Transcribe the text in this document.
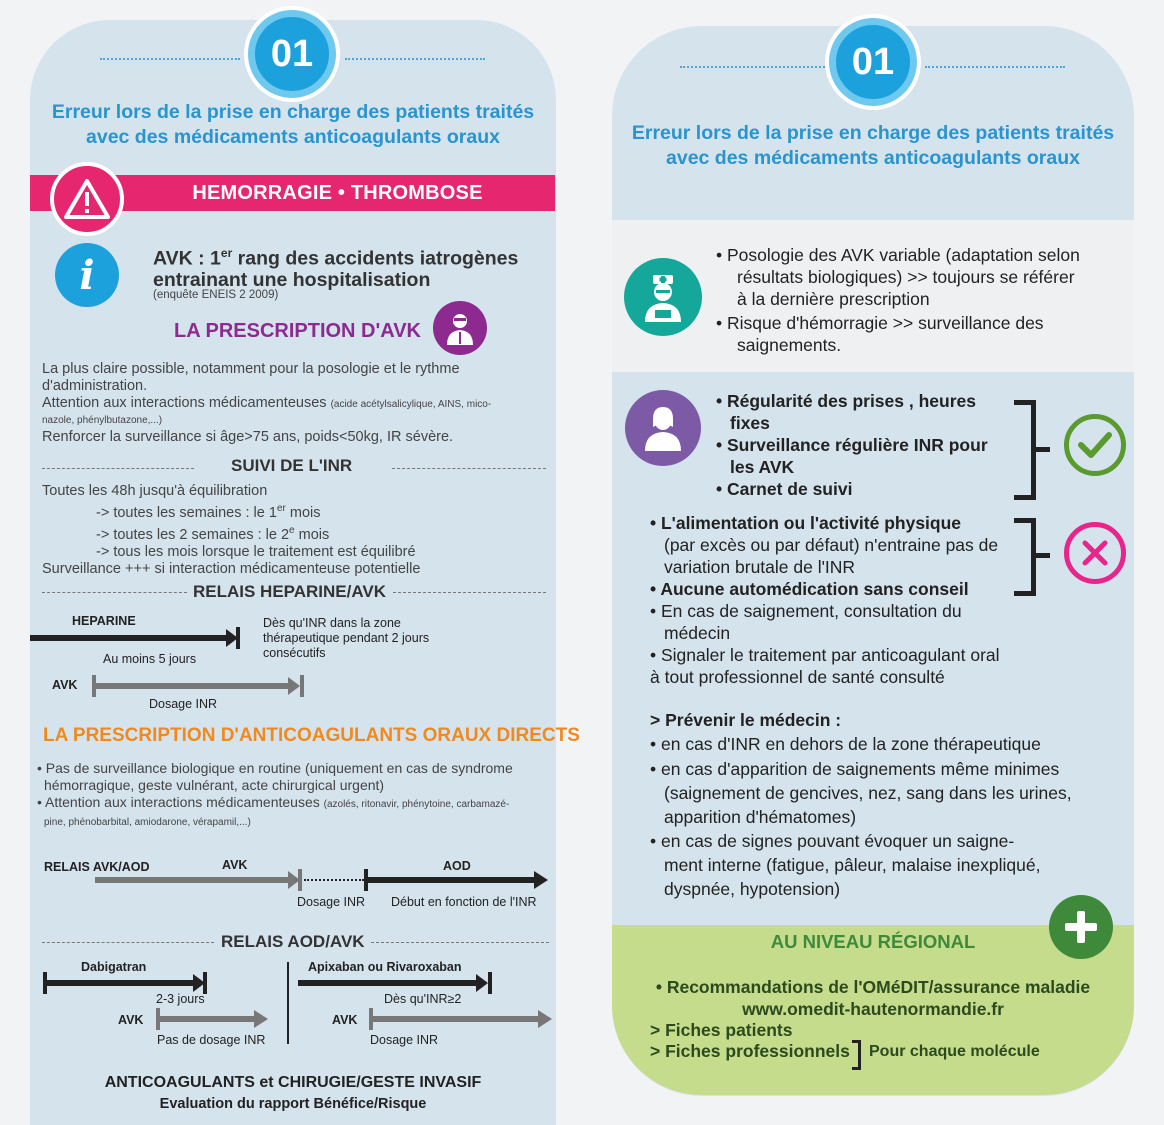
01
Erreur lors de la prise en charge des patients traités
avec des médicaments anticoagulants oraux
HEMORRAGIE • THROMBOSE
i	AVK : 1er rang des accidents iatrogènes
entrainant une hospitalisation
(enquête ENEIS 2 2009)
LA PRESCRIPTION D'AVK
La plus claire possible, notamment pour la posologie et le rythme
d'administration.
Attention aux interactions médicamenteuses (acide acétylsalicylique, AINS, mico-
nazole, phénylbutazone,...)
Renforcer la surveillance si âge>75 ans, poids<50kg, IR sévère.
SUIVI DE L'INR
Toutes les 48h jusqu'à équilibration
-> toutes les semaines : le 1er mois
-> toutes les 2 semaines : le 2e mois
-> tous les mois lorsque le traitement est équilibré
Surveillance +++ si interaction médicamenteuse potentielle
RELAIS HEPARINE/AVK
HEPARINE
Au moins 5 jours
Dès qu'INR dans la zone
thérapeutique pendant 2 jours
consécutifs
AVK
Dosage INR
LA PRESCRIPTION D'ANTICOAGULANTS ORAUX DIRECTS
• Pas de surveillance biologique en routine (uniquement en cas de syndrome
hémorragique, geste vulnérant, acte chirurgical urgent)
• Attention aux interactions médicamenteuses (azolés, ritonavir, phénytoine, carbamazé-
pine, phénobarbital, amiodarone, vérapamil,...)
RELAIS AVK/AOD	AVK	AOD
Dosage INR Début en fonction de l'INR
RELAIS AOD/AVK
Dabigatran
2-3 jours
AVK
Pas de dosage INR
Apixaban ou Rivaroxaban
Dès qu'INR≥2
AVK
Dosage INR
ANTICOAGULANTS et CHIRUGIE/GESTE INVASIF
Evaluation du rapport Bénéfice/Risque
01
Erreur lors de la prise en charge des patients traités
avec des médicaments anticoagulants oraux
• Posologie des AVK variable (adaptation selon
résultats biologiques) >> toujours se référer
à la dernière prescription
• Risque d'hémorragie >> surveillance des
saignements.
• Régularité des prises , heures
fixes
• Surveillance régulière INR pour
les AVK
• Carnet de suivi
• L'alimentation ou l'activité physique
(par excès ou par défaut) n'entraine pas de
variation brutale de l'INR
• Aucune automédication sans conseil
• En cas de saignement, consultation du
médecin
• Signaler le traitement par anticoagulant oral
à tout professionnel de santé consulté
> Prévenir le médecin :
• en cas d'INR en dehors de la zone thérapeutique
• en cas d'apparition de saignements même minimes
(saignement de gencives, nez, sang dans les urines,
apparition d'hématomes)
• en cas de signes pouvant évoquer un saigne-
ment interne (fatigue, pâleur, malaise inexpliqué,
dyspnée, hypotension)
AU NIVEAU RÉGIONAL
• Recommandations de l'OMéDIT/assurance maladie
www.omedit-hautenormandie.fr
> Fiches patients
> Fiches professionnels Pour chaque molécule
